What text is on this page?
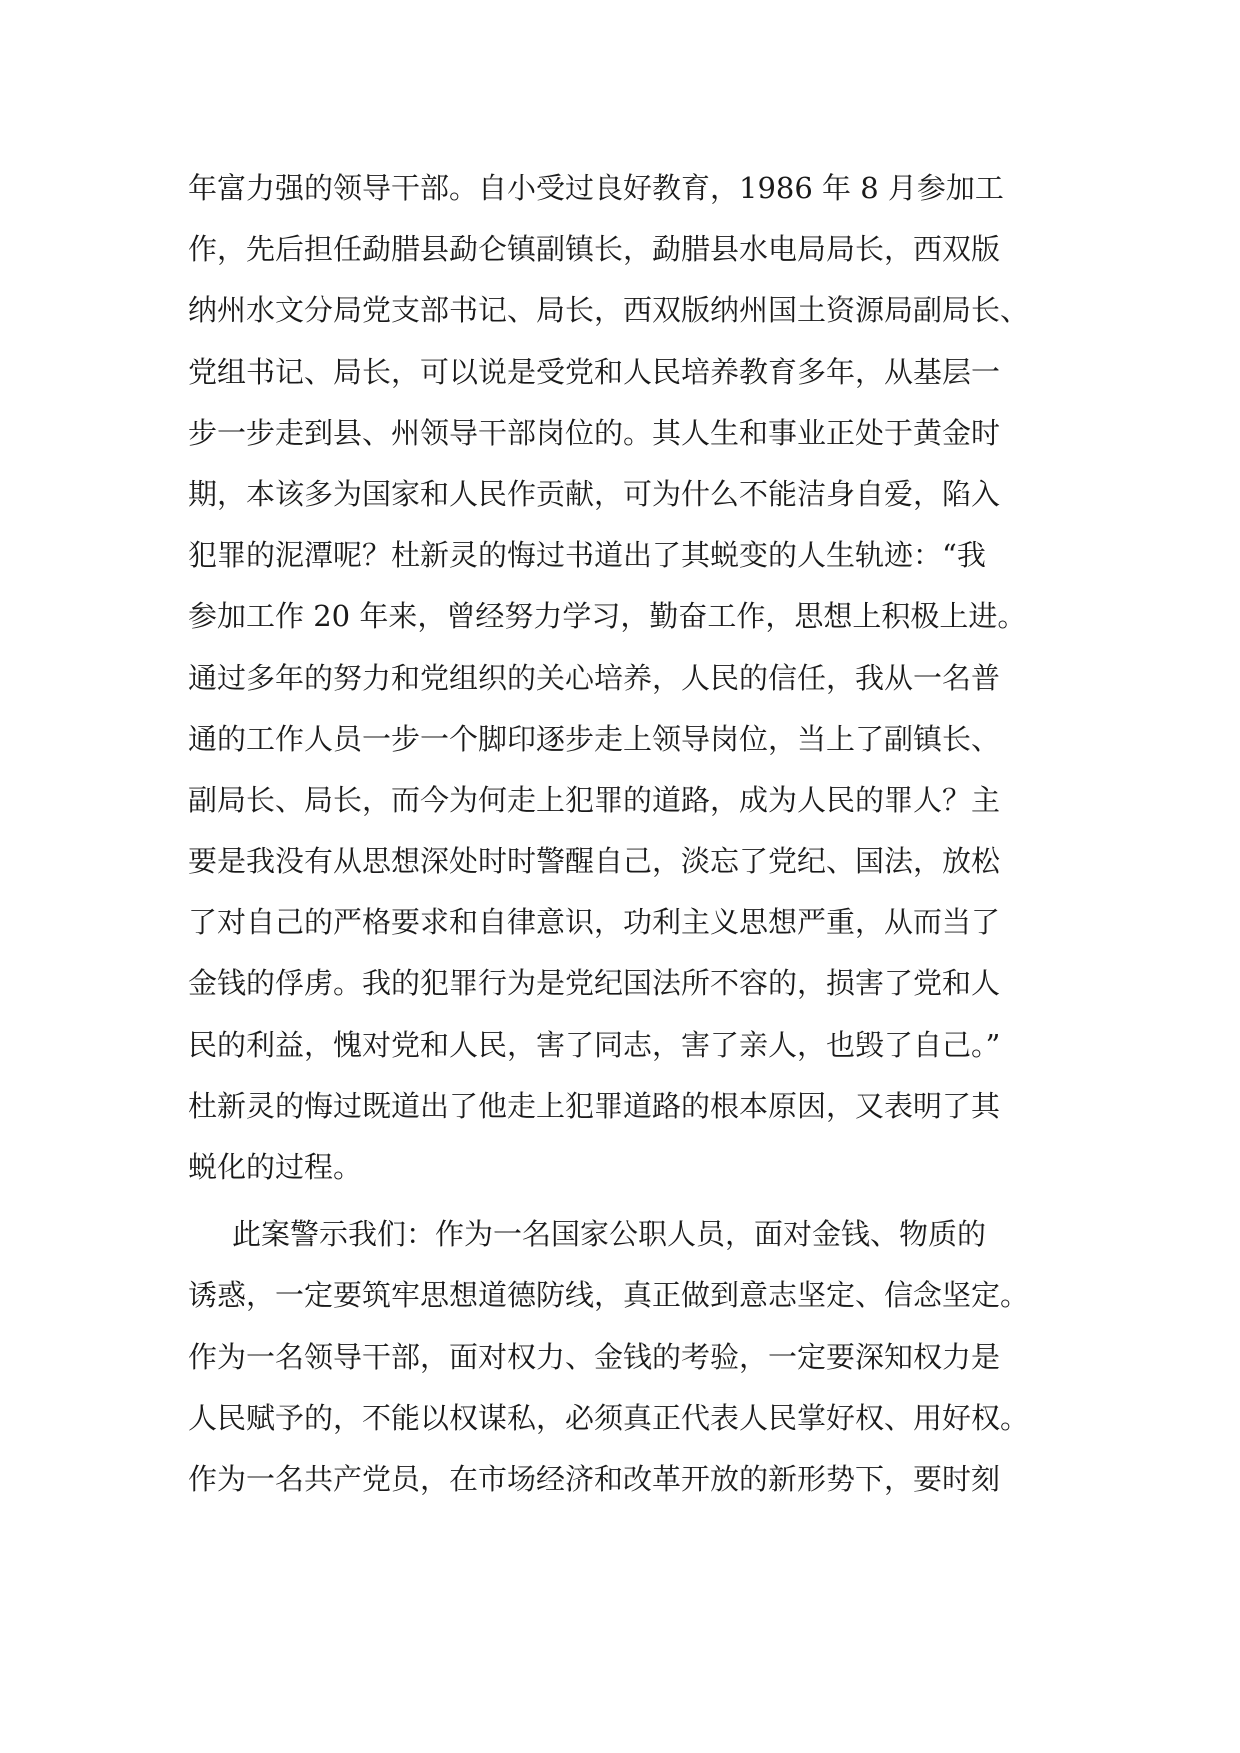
年富力强的领导干部。自小受过良好教育，1986 年 8 月参加工
作，先后担任勐腊县勐仑镇副镇长，勐腊县水电局局长，西双版
纳州水文分局党支部书记、局长，西双版纳州国土资源局副局长、
党组书记、局长，可以说是受党和人民培养教育多年，从基层一
步一步走到县、州领导干部岗位的。其人生和事业正处于黄金时
期，本该多为国家和人民作贡献，可为什么不能洁身自爱，陷入
犯罪的泥潭呢？杜新灵的悔过书道出了其蜕变的人生轨迹：“我
参加工作 20 年来，曾经努力学习，勤奋工作，思想上积极上进。
通过多年的努力和党组织的关心培养，人民的信任，我从一名普
通的工作人员一步一个脚印逐步走上领导岗位，当上了副镇长、
副局长、局长，而今为何走上犯罪的道路，成为人民的罪人？主
要是我没有从思想深处时时警醒自己，淡忘了党纪、国法，放松
了对自己的严格要求和自律意识，功利主义思想严重，从而当了
金钱的俘虏。我的犯罪行为是党纪国法所不容的，损害了党和人
民的利益，愧对党和人民，害了同志，害了亲人，也毁了自己。”
杜新灵的悔过既道出了他走上犯罪道路的根本原因，又表明了其
蜕化的过程。
此案警示我们：作为一名国家公职人员，面对金钱、物质的
诱惑，一定要筑牢思想道德防线，真正做到意志坚定、信念坚定。
作为一名领导干部，面对权力、金钱的考验，一定要深知权力是
人民赋予的，不能以权谋私，必须真正代表人民掌好权、用好权。
作为一名共产党员，在市场经济和改革开放的新形势下，要时刻
